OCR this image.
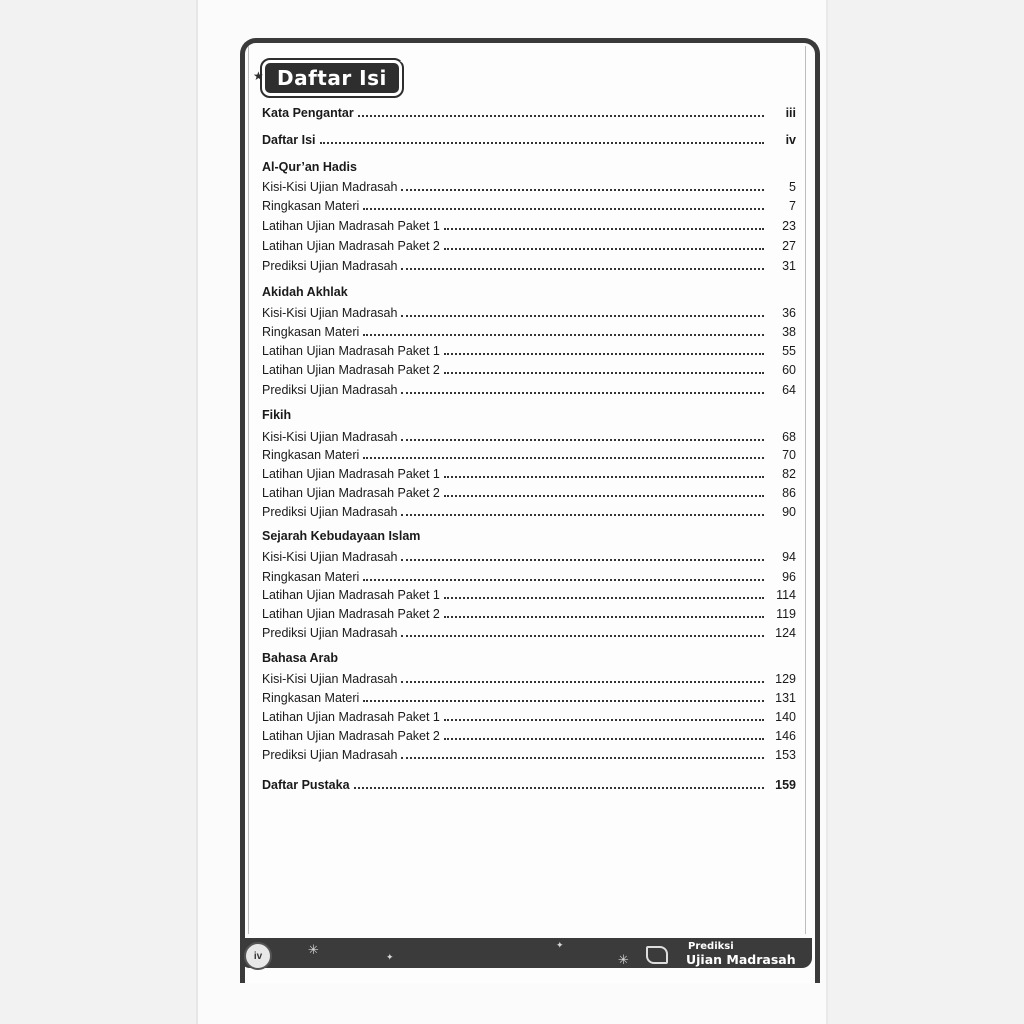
★ Daftar Isi
✦
Kata Pengantar	iii
Daftar Isi	iv
Al-Qur’an Hadis
Kisi-Kisi Ujian Madrasah	5
Ringkasan Materi	7
Latihan Ujian Madrasah Paket 1	23
Latihan Ujian Madrasah Paket 2	27
Prediksi Ujian Madrasah	31
Akidah Akhlak
Kisi-Kisi Ujian Madrasah	36
Ringkasan Materi	38
Latihan Ujian Madrasah Paket 1	55
Latihan Ujian Madrasah Paket 2	60
Prediksi Ujian Madrasah	64
Fikih
Kisi-Kisi Ujian Madrasah	68
Ringkasan Materi	70
Latihan Ujian Madrasah Paket 1	82
Latihan Ujian Madrasah Paket 2	86
Prediksi Ujian Madrasah	90
Sejarah Kebudayaan Islam
Kisi-Kisi Ujian Madrasah	94
Ringkasan Materi	96
Latihan Ujian Madrasah Paket 1	114
Latihan Ujian Madrasah Paket 2	119
Prediksi Ujian Madrasah	124
Bahasa Arab
Kisi-Kisi Ujian Madrasah	129
Ringkasan Materi	131
Latihan Ujian Madrasah Paket 1	140
Latihan Ujian Madrasah Paket 2	146
Prediksi Ujian Madrasah	153
Daftar Pustaka	159
iv	✳	✦
✦
✳
Prediksi
Ujian Madrasah
